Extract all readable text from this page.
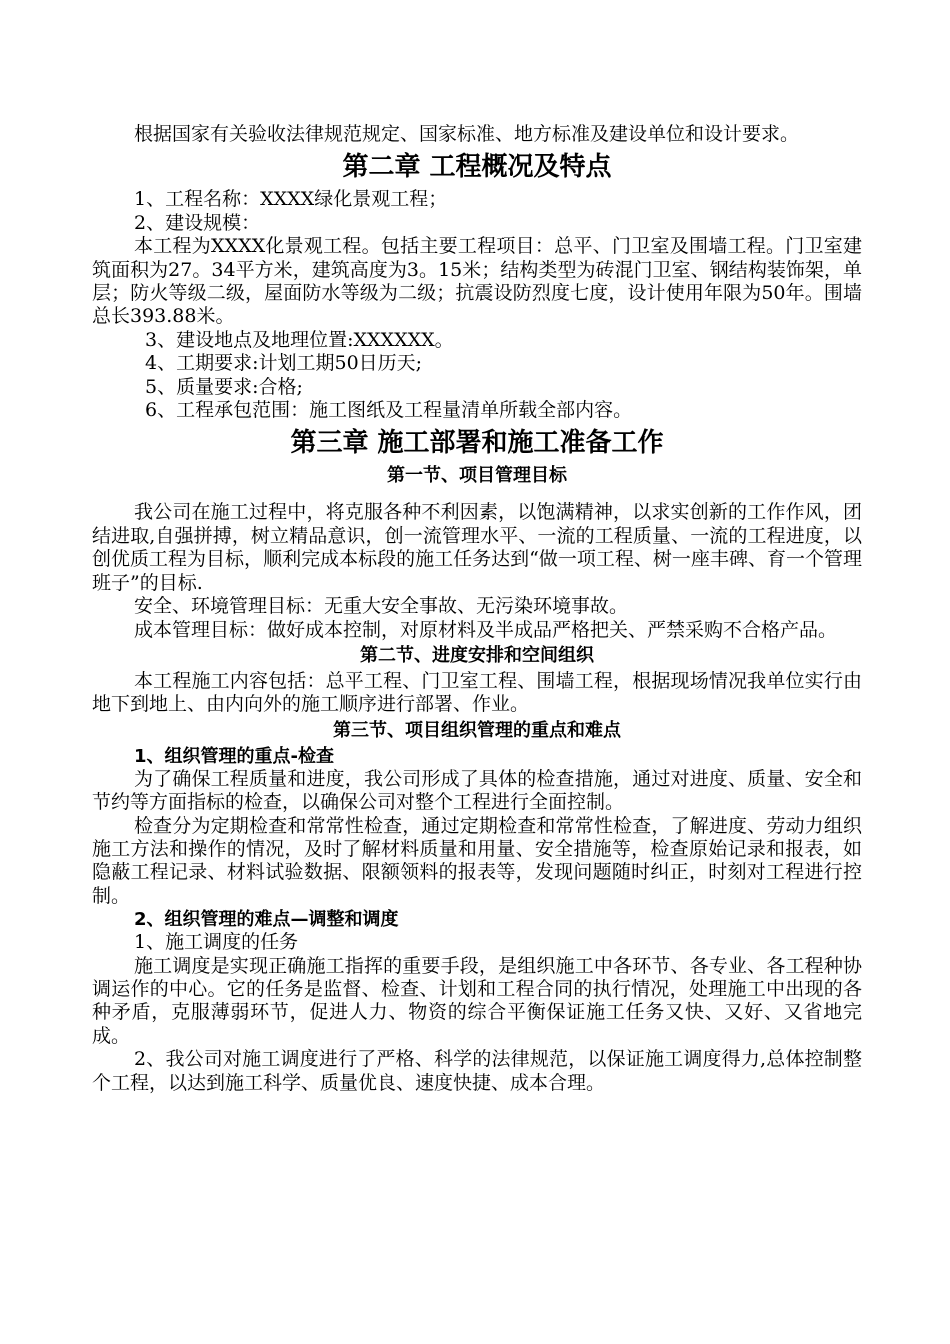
根据国家有关验收法律规范规定、国家标准、地方标准及建设单位和设计要求。

第二章 工程概况及特点

1、工程名称：XXXX绿化景观工程；

2、建设规模：

本工程为XXXX化景观工程。包括主要工程项目：总平、门卫室及围墙工程。门卫室建筑面积为27。34平方米，建筑高度为3。15米；结构类型为砖混门卫室、钢结构装饰架，单层；防火等级二级，屋面防水等级为二级；抗震设防烈度七度，设计使用年限为50年。围墙总长393.88米。

3、建设地点及地理位置:XXXXXX。

4、工期要求:计划工期50日历天;

5、质量要求:合格;

6、工程承包范围：施工图纸及工程量清单所载全部内容。

第三章 施工部署和施工准备工作
第一节、项目管理目标

我公司在施工过程中，将克服各种不利因素，以饱满精神，以求实创新的工作作风，团结进取,自强拼搏，树立精品意识，创一流管理水平、一流的工程质量、一流的工程进度，以创优质工程为目标，顺利完成本标段的施工任务达到“做一项工程、树一座丰碑、育一个管理班子”的目标.

安全、环境管理目标：无重大安全事故、无污染环境事故。

成本管理目标：做好成本控制，对原材料及半成品严格把关、严禁采购不合格产品。

第二节、进度安排和空间组织

本工程施工内容包括：总平工程、门卫室工程、围墙工程，根据现场情况我单位实行由地下到地上、由内向外的施工顺序进行部署、作业。

第三节、项目组织管理的重点和难点
1、组织管理的重点-检查

为了确保工程质量和进度，我公司形成了具体的检查措施，通过对进度、质量、安全和节约等方面指标的检查，以确保公司对整个工程进行全面控制。

检查分为定期检查和常常性检查，通过定期检查和常常性检查，了解进度、劳动力组织施工方法和操作的情况，及时了解材料质量和用量、安全措施等，检查原始记录和报表，如隐蔽工程记录、材料试验数据、限额领料的报表等，发现问题随时纠正，时刻对工程进行控制。

2、组织管理的难点—调整和调度

1、施工调度的任务

施工调度是实现正确施工指挥的重要手段，是组织施工中各环节、各专业、各工程种协调运作的中心。它的任务是监督、检查、计划和工程合同的执行情况，处理施工中出现的各种矛盾，克服薄弱环节，促进人力、物资的综合平衡保证施工任务又快、又好、又省地完成。

2、我公司对施工调度进行了严格、科学的法律规范，以保证施工调度得力,总体控制整个工程，以达到施工科学、质量优良、速度快捷、成本合理。
